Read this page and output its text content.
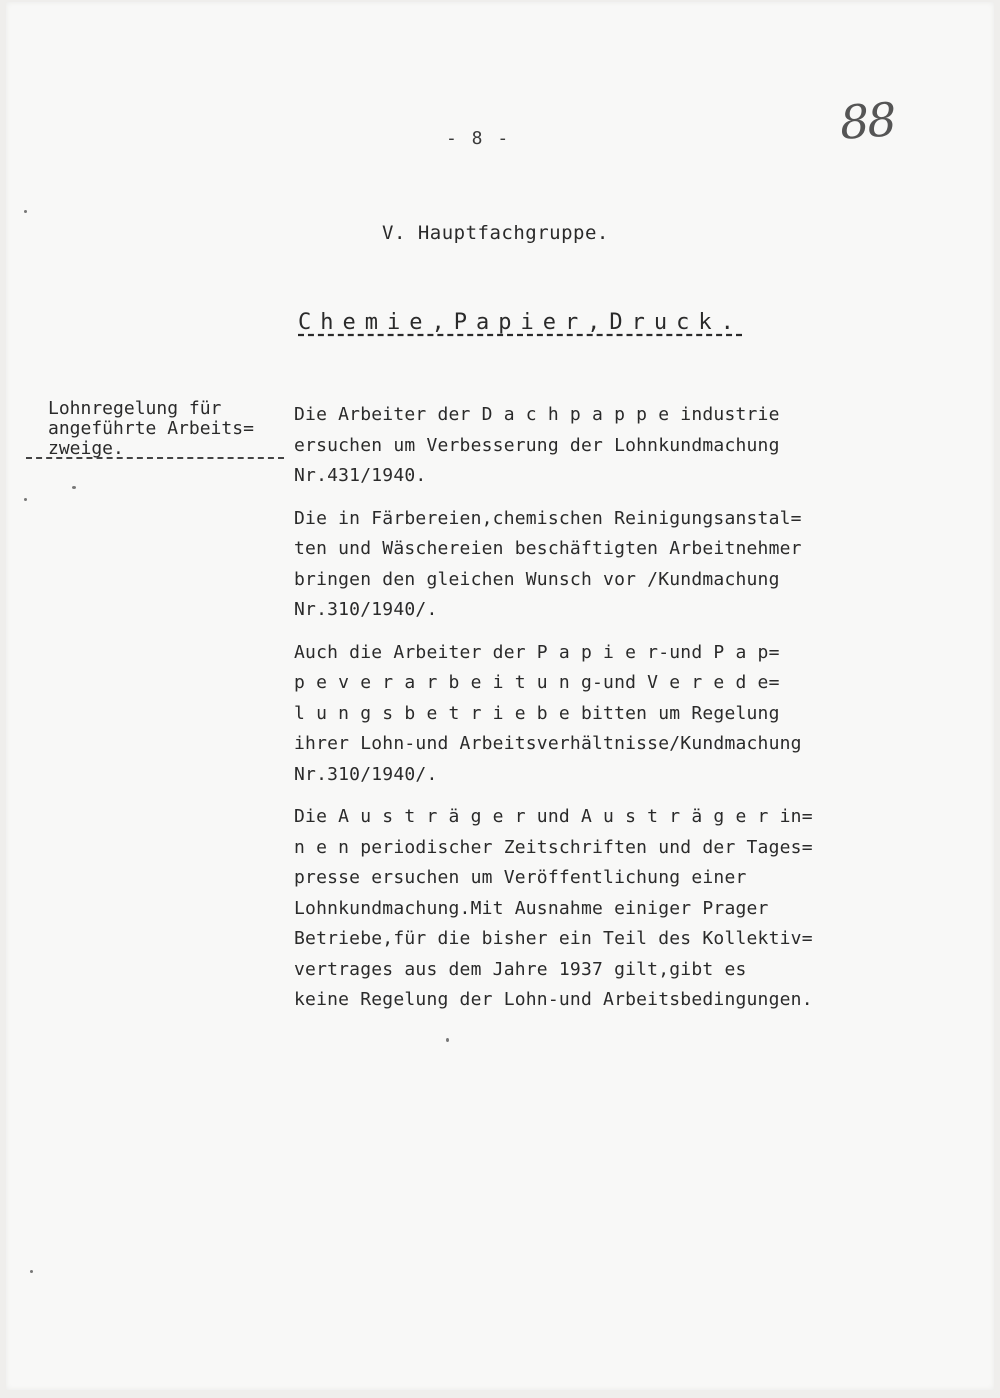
- 8 -	88
V. Hauptfachgruppe.
Chemie,Papier,Druck.
Lohnregelung für
angeführte Arbeits=
zweige.

Die Arbeiter der D a c h p a p p e industrie
ersuchen um Verbesserung der Lohnkundmachung
Nr.431/1940.

Die in Färbereien,chemischen Reinigungsanstal=
ten und Wäschereien beschäftigten Arbeitnehmer
bringen den gleichen Wunsch vor /Kundmachung
Nr.310/1940/.

Auch die Arbeiter der P a p i e r-und P a p=
p e v e r a r b e i t u n g-und V e r e d e=
l u n g s b e t r i e b e bitten um Regelung
ihrer Lohn-und Arbeitsverhältnisse/Kundmachung
Nr.310/1940/.

Die A u s t r ä g e r und A u s t r ä g e r in=
n e n periodischer Zeitschriften und der Tages=
presse ersuchen um Veröffentlichung einer
Lohnkundmachung.Mit Ausnahme einiger Prager
Betriebe,für die bisher ein Teil des Kollektiv=
vertrages aus dem Jahre 1937 gilt,gibt es
keine Regelung der Lohn-und Arbeitsbedingungen.
